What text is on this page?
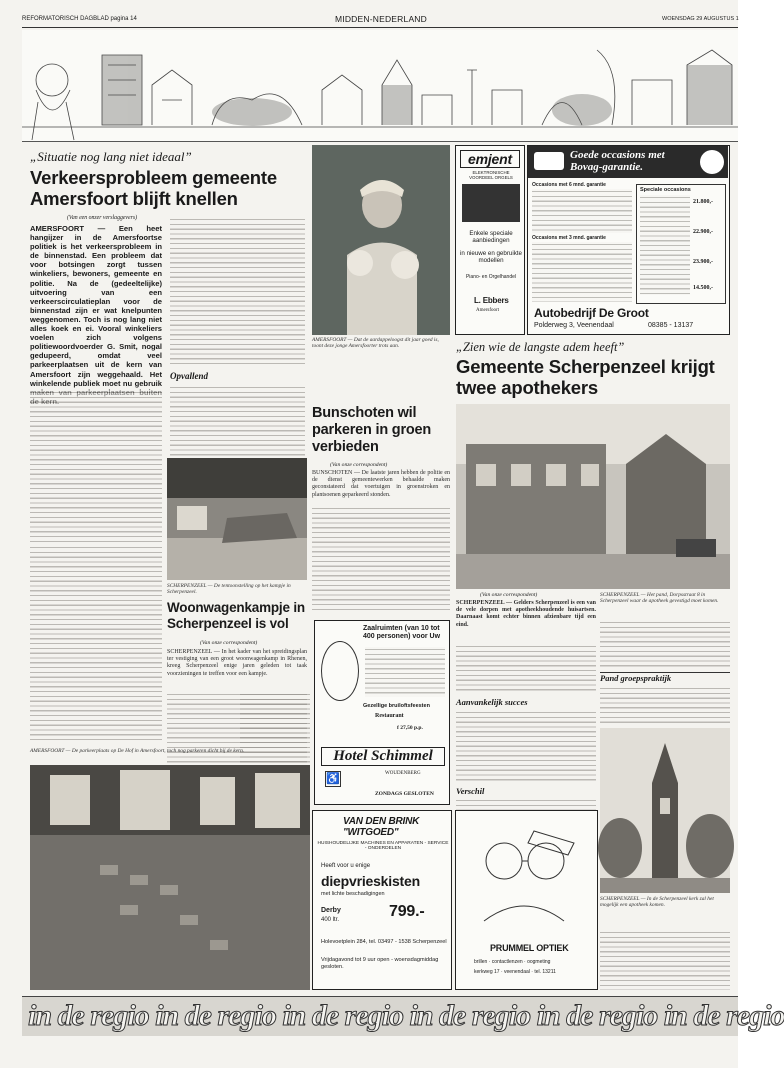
REFORMATORISCH DAGBLAD pagina 14	MIDDEN-NEDERLAND	WOENSDAG 29 AUGUSTUS 1
„Situatie nog lang niet ideaal”
Verkeersprobleem gemeente Amersfoort blijft knellen
(Van een onzer verslaggevers)
AMERSFOORT — Een heet hangijzer in de Amersfoortse politiek is het verkeersprobleem in de binnenstad. Een probleem dat voor botsingen zorgt tussen winkeliers, bewoners, gemeente en politie. Na de (gedeeltelijke) uitvoering van een verkeerscirculatieplan voor de binnenstad zijn er wat knelpunten weggenomen. Toch is nog lang niet alles koek en ei. Vooral winkeliers voelen zich volgens politiewoordvoerder G. Smit, nogal gedupeerd, omdat veel parkeerplaatsen uit de kern van Amersfoort zijn weggehaald. Het winkelende publiek moet nu gebruik
Opvallend
AMERSFOORT — Dat de aardappeloogst dit jaar goed is, toont deze jonge Amersfoorter trots aan.
Bunschoten wil parkeren in groen verbieden
(Van onze correspondent)
BUNSCHOTEN — De laatste jaren hebben de politie en de dienst gemeentewerken behaalde maken geconstateerd dat voertuigen in groenstroken en plantsoenen geparkeerd stonden.
SCHERPENZEEL — De tentoonstelling op het kampje in Scherpenzeel.
Woonwagenkampje in Scherpenzeel is vol
(Van onze correspondent)
SCHERPENZEEL — In het kader van het spreidingsplan ter vestiging van een groot woonwagenkamp in Rhenen, kreeg Scherpenzeel enige jaren geleden tot taak voorzieningen te treffen voor een kampje.
AMERSFOORT — De parkeerplaats op De Hof in Amersfoort, toch nog parkeren dicht bij de kern.
emjent
ELEKTRONISCHE VOORDEEL ORGELS
Enkele speciale aanbiedingen
in nieuwe en gebruikte modellen
Piano- en Orgelhandel
L. Ebbers
Amersfoort
Goede occasions met Bovag-garantie.
Occasions met 6 mnd. garantie
Occasions met 3 mnd. garantie
Speciale occasions
21.800,-
22.900,-
23.900,-
14.500,-
Autobedrijf De Groot
Polderweg 3, Veenendaal	08385 - 13137
„Zien wie de langste adem heeft”
Gemeente Scherpenzeel krijgt twee apothekers
SCHERPENZEEL — Het pand, Dorpsstraat 8 in Scherpenzeel waar de apotheek gevestigd moet komen.
(Van onze correspondent)
SCHERPENZEEL — Gelders Scherpenzeel is een van de vele dorpen met apotheekhoudende huisartsen. Daarnaast komt echter binnen afzienbare tijd een eind.
Aanvankelijk succes
Verschil
Pand groepspraktijk
SCHERPENZEEL — In de Scherpenzeel kerk zal het mogelijk een apotheek komen.
Zaalruimten (van 10 tot 400 personen) voor Uw
Gezellige bruiloftsfeesten
Restaurant
f 27,50 p.p.
Hotel Schimmel
WOUDENBERG
ZONDAGS GESLOTEN
♿
VAN DEN BRINK "WITGOED"
HUISHOUDELIJKE MACHINES EN APPARATEN - SERVICE - ONDERDELEN
Heeft voor u enige
diepvrieskisten
met lichte beschadigingen
Derby
400 ltr.	799.-
Holevoetplein 284, tel. 03497 - 1538 Scherpenzeel
Vrijdagavond tot 9 uur open - woensdagmiddag gesloten.
PRUMMEL OPTIEK
brillen · contactlenzen · oogmeting
kerkweg 17 · veenendaal · tel. 13211
in de regio in de regio in de regio in de regio in de regio in de regio
